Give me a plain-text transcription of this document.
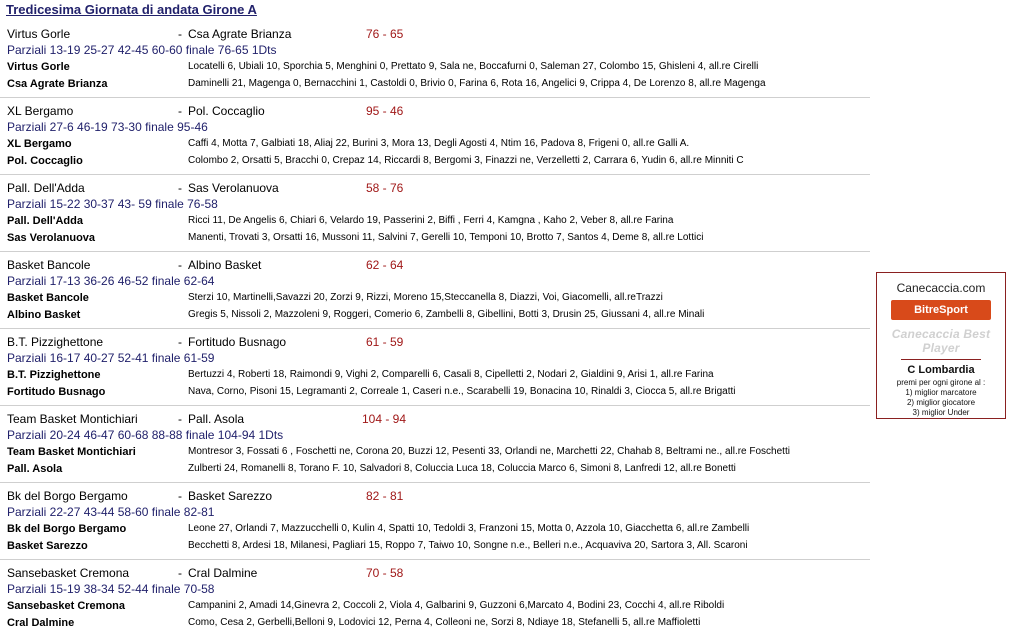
Tredicesima Giornata di andata Girone A
Virtus Gorle	- Csa Agrate Brianza	76 - 65
Parziali 13-19 25-27 42-45 60-60 finale 76-65 1Dts
Virtus Gorle	Locatelli 6, Ubiali 10, Sporchia 5, Menghini 0, Prettato 9, Sala ne, Boccafurni 0, Saleman 27, Colombo 15, Ghisleni 4, all.re Cirelli
Csa Agrate Brianza	Daminelli 21, Magenga 0, Bernacchini 1, Castoldi 0, Brivio 0, Farina 6, Rota 16, Angelici 9, Crippa 4, De Lorenzo 8, all.re Magenga
XL Bergamo	- Pol. Coccaglio	95 - 46
Parziali 27-6 46-19 73-30 finale 95-46
XL Bergamo	Caffi 4, Motta 7, Galbiati 18, Aliaj 22, Burini 3, Mora 13, Degli Agosti 4, Ntim 16, Padova 8, Frigeni 0, all.re Galli A.
Pol. Coccaglio	Colombo 2, Orsatti 5, Bracchi 0, Crepaz 14, Riccardi 8, Bergomi 3, Finazzi ne, Verzelletti 2, Carrara 6, Yudin 6, all.re Minniti C
Pall. Dell'Adda	- Sas Verolanuova	58 - 76
Parziali 15-22 30-37 43- 59 finale 76-58
Pall. Dell'Adda	Ricci 11, De Angelis 6, Chiari 6, Velardo 19, Passerini 2, Biffi , Ferri 4, Kamgna , Kaho 2, Veber 8, all.re Farina
Sas Verolanuova	Manenti, Trovati 3, Orsatti 16, Mussoni 11, Salvini 7, Gerelli 10, Temponi 10, Brotto 7, Santos 4, Deme 8, all.re Lottici
Basket Bancole	- Albino Basket	62 - 64
Parziali 17-13 36-26 46-52 finale 62-64
Basket Bancole	Sterzi 10, Martinelli,Savazzi 20, Zorzi 9, Rizzi, Moreno 15,Steccanella 8, Diazzi, Voi, Giacomelli, all.reTrazzi
Albino Basket	Gregis 5, Nissoli 2, Mazzoleni 9, Roggeri, Comerio 6, Zambelli 8, Gibellini, Botti 3, Drusin 25, Giussani 4, all.re Minali
B.T. Pizzighettone	- Fortitudo Busnago	61 - 59
Parziali 16-17 40-27 52-41 finale 61-59
B.T. Pizzighettone	Bertuzzi 4, Roberti 18, Raimondi 9, Vighi 2, Comparelli 6, Casali 8, Cipelletti 2, Nodari 2, Gialdini 9, Arisi 1, all.re Farina
Fortitudo Busnago	Nava, Corno, Pisoni 15, Legramanti 2, Correale 1, Caseri n.e., Scarabelli 19, Bonacina 10, Rinaldi 3, Ciocca 5, all.re Brigatti
Team Basket Montichiari	- Pall. Asola	104 - 94
Parziali 20-24 46-47 60-68 88-88 finale 104-94 1Dts
Team Basket Montichiari	Montresor 3, Fossati 6 , Foschetti ne, Corona 20, Buzzi 12, Pesenti 33, Orlandi ne, Marchetti 22, Chahab 8, Beltrami ne., all.re Foschetti
Pall. Asola	Zulberti 24, Romanelli 8, Torano F. 10, Salvadori 8, Coluccia Luca 18, Coluccia Marco 6, Simoni 8, Lanfredi 12, all.re Bonetti
Bk del Borgo Bergamo	- Basket Sarezzo	82 - 81
Parziali 22-27 43-44 58-60 finale 82-81
Bk del Borgo Bergamo	Leone 27, Orlandi 7, Mazzucchelli 0, Kulin 4, Spatti 10, Tedoldi 3, Franzoni 15, Motta 0, Azzola 10, Giacchetta 6, all.re Zambelli
Basket Sarezzo	Becchetti 8, Ardesi 18, Milanesi, Pagliari 15, Roppo 7, Taiwo 10, Songne n.e., Belleri n.e., Acquaviva 20, Sartora 3, All. Scaroni
Sansebasket Cremona	- Cral Dalmine	70 - 58
Parziali 15-19 38-34 52-44 finale 70-58
Sansebasket Cremona	Campanini 2, Amadi 14,Ginevra 2, Coccoli 2, Viola 4, Galbarini 9, Guzzoni 6,Marcato 4, Bodini 23, Cocchi 4, all.re Riboldi
Cral Dalmine	Como, Cesa 2, Gerbelli,Belloni 9, Lodovici 12, Perna 4, Colleoni ne, Sorzi 8, Ndiaye 18, Stefanelli 5, all.re Maffioletti
Canecaccia.com
BitreSport
Canecaccia Best Player
C Lombardia
premi per ogni girone al :
1) miglior marcatore
2) miglior giocatore
3) miglior Under
